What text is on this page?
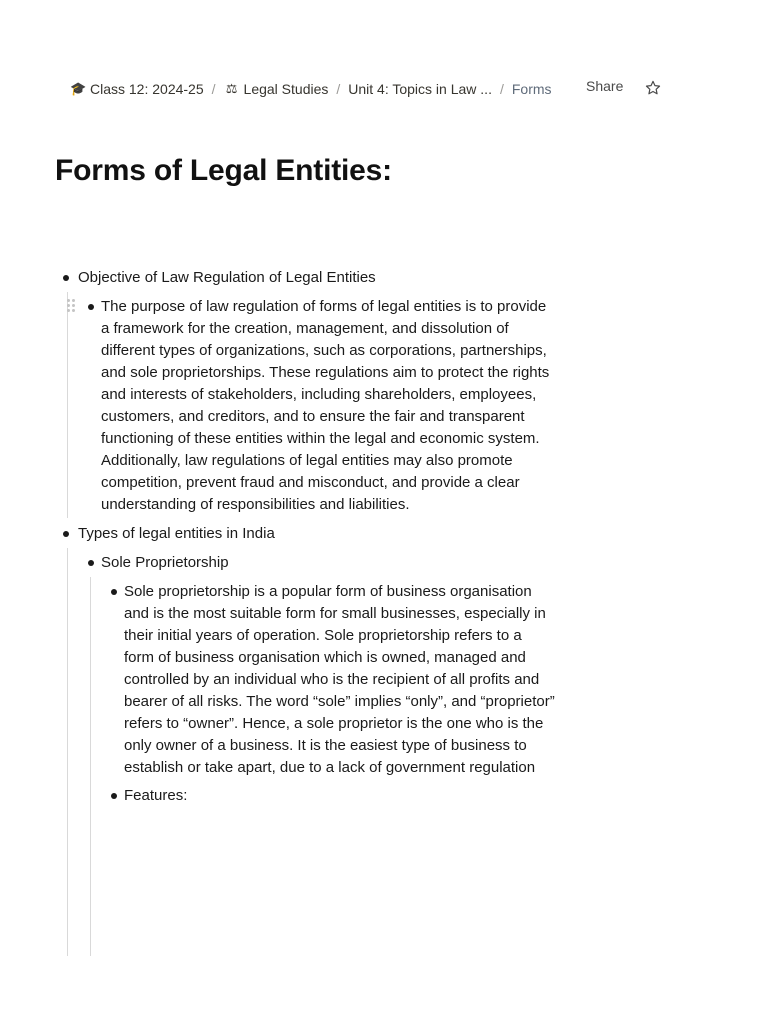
🎓 Class 12: 2024-25 / ⚖ Legal Studies / Unit 4: Topics in Law ... / Forms Share
Forms of Legal Entities:
Objective of Law Regulation of Legal Entities
The purpose of law regulation of forms of legal entities is to provide
a framework for the creation, management, and dissolution of
different types of organizations, such as corporations, partnerships,
and sole proprietorships. These regulations aim to protect the rights
and interests of stakeholders, including shareholders, employees,
customers, and creditors, and to ensure the fair and transparent
functioning of these entities within the legal and economic system.
Additionally, law regulations of legal entities may also promote
competition, prevent fraud and misconduct, and provide a clear
understanding of responsibilities and liabilities.
Types of legal entities in India
Sole Proprietorship
Sole proprietorship is a popular form of business organisation
and is the most suitable form for small businesses, especially in
their initial years of operation. Sole proprietorship refers to a
form of business organisation which is owned, managed and
controlled by an individual who is the recipient of all profits and
bearer of all risks. The word “sole” implies “only”, and “proprietor”
refers to “owner”. Hence, a sole proprietor is the one who is the
only owner of a business. It is the easiest type of business to
establish or take apart, due to a lack of government regulation
Features:
